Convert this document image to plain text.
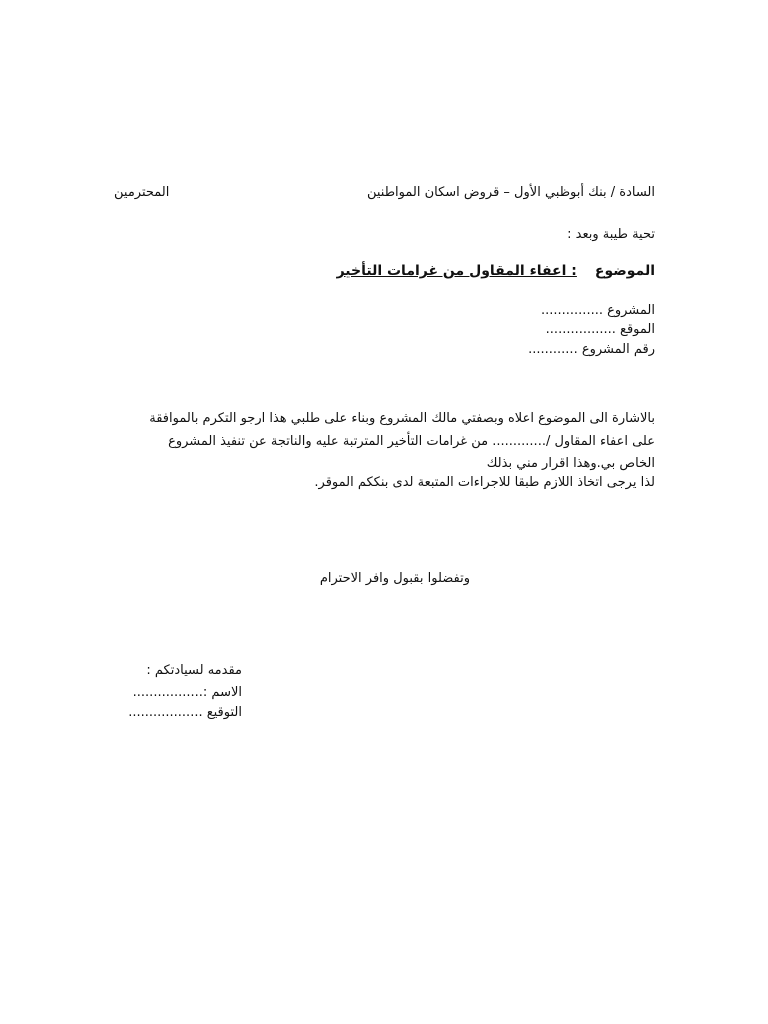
السادة / بنك أبوظبي الأول – قروض اسكان المواطنين
المحترمين
تحية طيبة وبعد :
الموضوع: اعفاء المقاول من غرامات التأخير
المشروع ...............
الموقع .................
رقم المشروع ............
بالاشارة الى الموضوع اعلاه وبصفتي مالك المشروع وبناء على طلبي هذا ارجو التكرم بالموافقة
على اعفاء المقاول /............. من غرامات التأخير المترتبة عليه والناتجة عن تنفيذ المشروع
الخاص بي.وهذا اقرار مني بذلك
لذا يرجى اتخاذ اللازم طبقا للاجراءات المتبعة لدى بنككم الموقر.
وتفضلوا بقبول وافر الاحترام
مقدمه لسيادتكم :
الاسم :.................
التوقيع ..................
